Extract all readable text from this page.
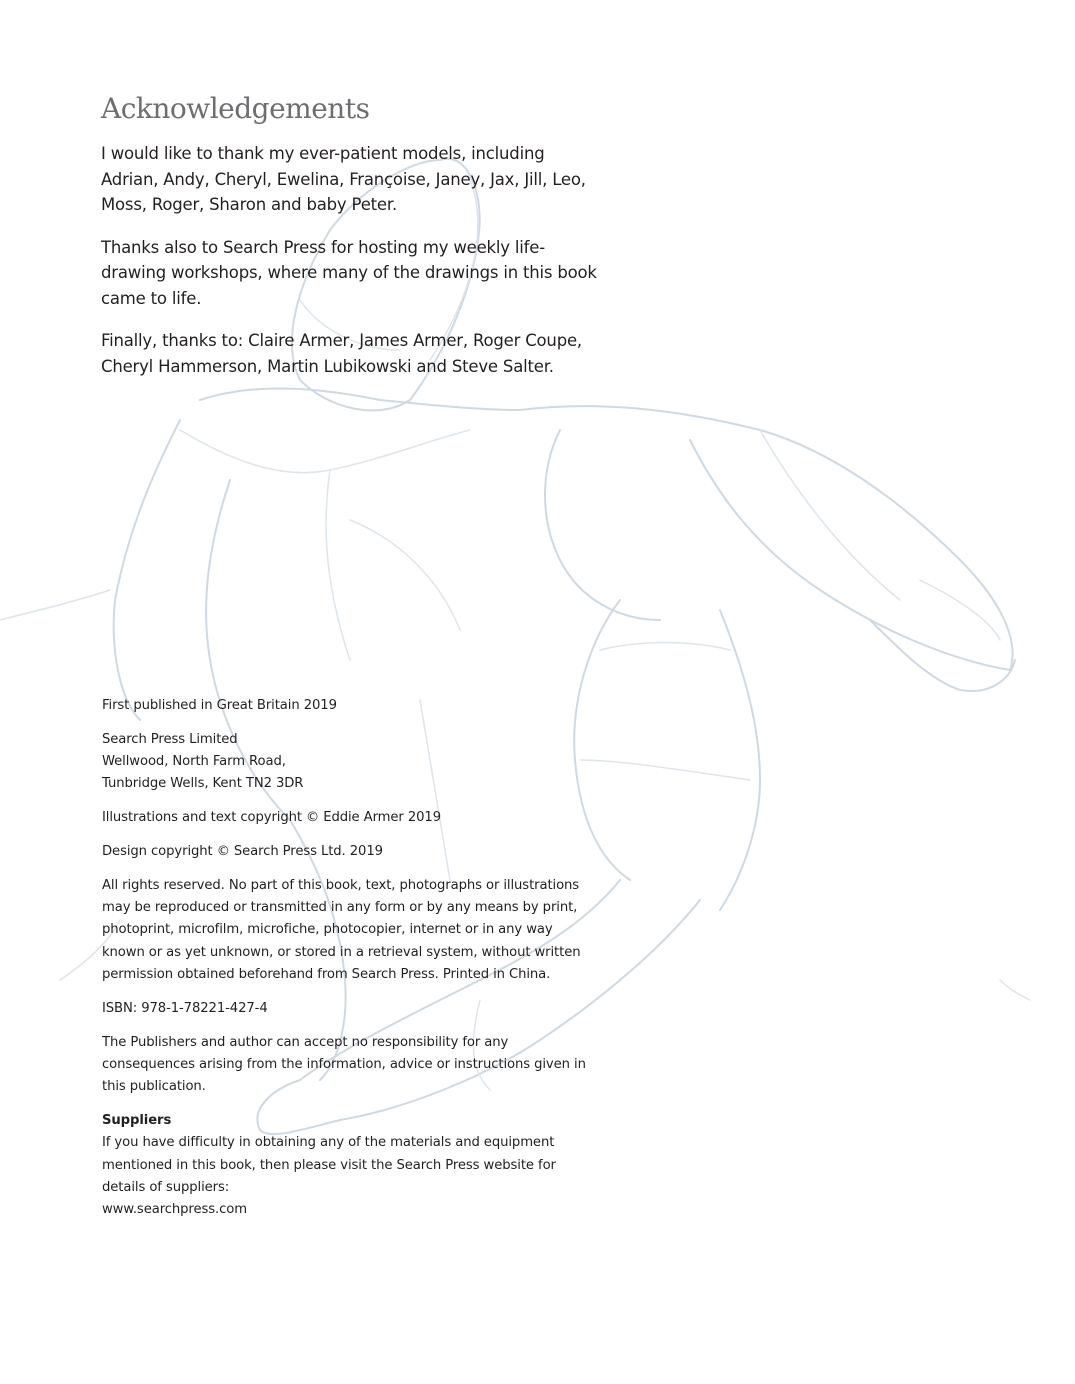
Acknowledgements

I would like to thank my ever-patient models, including Adrian, Andy, Cheryl, Ewelina, Françoise, Janey, Jax, Jill, Leo, Moss, Roger, Sharon and baby Peter.

Thanks also to Search Press for hosting my weekly life-drawing workshops, where many of the drawings in this book came to life.

Finally, thanks to: Claire Armer, James Armer, Roger Coupe, Cheryl Hammerson, Martin Lubikowski and Steve Salter.

First published in Great Britain 2019

Search Press Limited
Wellwood, North Farm Road,
Tunbridge Wells, Kent TN2 3DR

Illustrations and text copyright © Eddie Armer 2019

Design copyright © Search Press Ltd. 2019

All rights reserved. No part of this book, text, photographs or illustrations may be reproduced or transmitted in any form or by any means by print, photoprint, microfilm, microfiche, photocopier, internet or in any way known or as yet unknown, or stored in a retrieval system, without written permission obtained beforehand from Search Press. Printed in China.

ISBN: 978-1-78221-427-4

The Publishers and author can accept no responsibility for any consequences arising from the information, advice or instructions given in this publication.

Suppliers
If you have difficulty in obtaining any of the materials and equipment mentioned in this book, then please visit the Search Press website for details of suppliers:
www.searchpress.com
